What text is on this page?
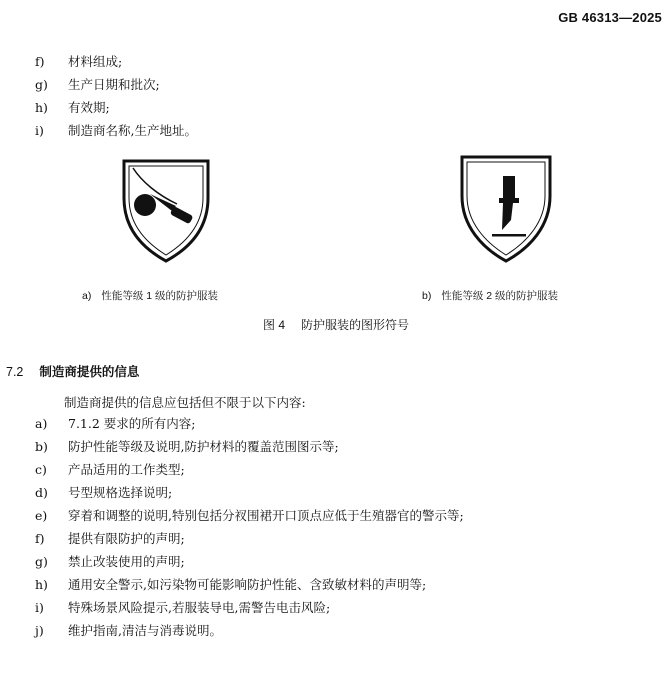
GB 46313—2025
f)	材料组成;
g)	生产日期和批次;
h)	有效期;
i)	制造商名称,生产地址。
a) 性能等级 1 级的防护服装	b) 性能等级 2 级的防护服装
图 4 防护服装的图形符号
7.2 制造商提供的信息
制造商提供的信息应包括但不限于以下内容:
a)	7.1.2 要求的所有内容;
b)	防护性能等级及说明,防护材料的覆盖范围图示等;
c)	产品适用的工作类型;
d)	号型规格选择说明;
e)	穿着和调整的说明,特别包括分衩围裙开口顶点应低于生殖器官的警示等;
f)	提供有限防护的声明;
g)	禁止改装使用的声明;
h)	通用安全警示,如污染物可能影响防护性能、含致敏材料的声明等;
i)	特殊场景风险提示,若服装导电,需警告电击风险;
j)	维护指南,清洁与消毒说明。
